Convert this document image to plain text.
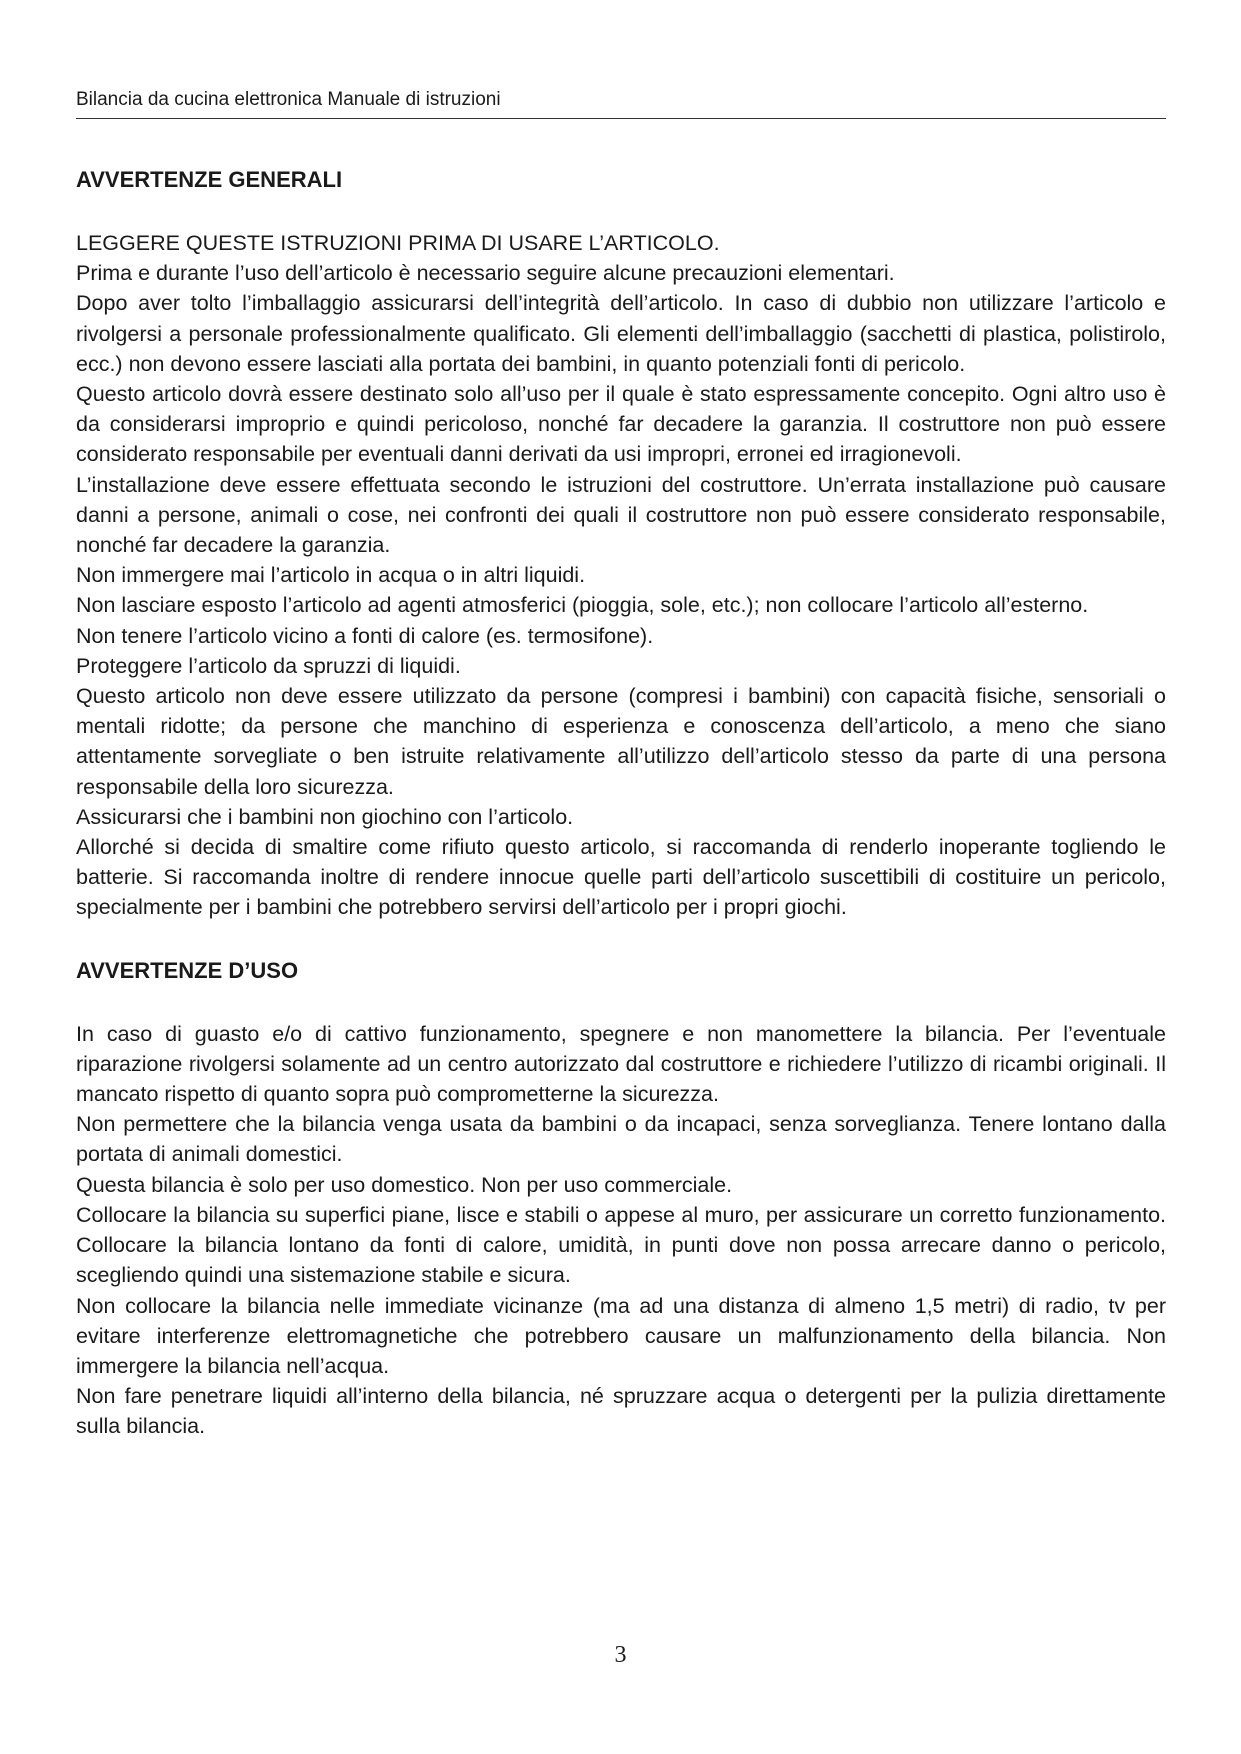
Bilancia da cucina elettronica Manuale di istruzioni
AVVERTENZE GENERALI

LEGGERE QUESTE ISTRUZIONI PRIMA DI USARE L’ARTICOLO.

Prima e durante l’uso dell’articolo è necessario seguire alcune precauzioni elementari.

Dopo aver tolto l’imballaggio assicurarsi dell’integrità dell’articolo. In caso di dubbio non utilizzare l’articolo e rivolgersi a personale professionalmente qualificato. Gli elementi dell’imballaggio (sacchetti di plastica, polistirolo, ecc.) non devono essere lasciati alla portata dei bambini, in quanto potenziali fonti di pericolo.

Questo articolo dovrà essere destinato solo all’uso per il quale è stato espressamente concepito. Ogni altro uso è da considerarsi improprio e quindi pericoloso, nonché far decadere la garanzia. Il costruttore non può essere considerato responsabile per eventuali danni derivati da usi impropri, erronei ed irragionevoli.

L’installazione deve essere effettuata secondo le istruzioni del costruttore. Un’errata installazione può causare danni a persone, animali o cose, nei confronti dei quali il costruttore non può essere considerato responsabile, nonché far decadere la garanzia.

Non immergere mai l’articolo in acqua o in altri liquidi.

Non lasciare esposto l’articolo ad agenti atmosferici (pioggia, sole, etc.); non collocare l’articolo all’esterno.

Non tenere l’articolo vicino a fonti di calore (es. termosifone).

Proteggere l’articolo da spruzzi di liquidi.

Questo articolo non deve essere utilizzato da persone (compresi i bambini) con capacità fisiche, sensoriali o mentali ridotte; da persone che manchino di esperienza e conoscenza dell’articolo, a meno che siano attentamente sorvegliate o ben istruite relativamente all’utilizzo dell’articolo stesso da parte di una persona responsabile della loro sicurezza.

Assicurarsi che i bambini non giochino con l’articolo.

Allorché si decida di smaltire come rifiuto questo articolo, si raccomanda di renderlo inoperante togliendo le batterie. Si raccomanda inoltre di rendere innocue quelle parti dell’articolo suscettibili di costituire un pericolo, specialmente per i bambini che potrebbero servirsi dell’articolo per i propri giochi.

AVVERTENZE D’USO

In caso di guasto e/o di cattivo funzionamento, spegnere e non manomettere la bilancia. Per l’eventuale riparazione rivolgersi solamente ad un centro autorizzato dal costruttore e richiedere l’utilizzo di ricambi originali. Il mancato rispetto di quanto sopra può comprometterne la sicurezza.

Non permettere che la bilancia venga usata da bambini o da incapaci, senza sorveglianza. Tenere lontano dalla portata di animali domestici.

Questa bilancia è solo per uso domestico. Non per uso commerciale.

Collocare la bilancia su superfici piane, lisce e stabili o appese al muro, per assicurare un corretto funzionamento. Collocare la bilancia lontano da fonti di calore, umidità, in punti dove non possa arrecare danno o pericolo, scegliendo quindi una sistemazione stabile e sicura.

Non collocare la bilancia nelle immediate vicinanze (ma ad una distanza di almeno 1,5 metri) di radio, tv per evitare interferenze elettromagnetiche che potrebbero causare un malfunzionamento della bilancia. Non immergere la bilancia nell’acqua.

Non fare penetrare liquidi all’interno della bilancia, né spruzzare acqua o detergenti per la pulizia direttamente sulla bilancia.

3
